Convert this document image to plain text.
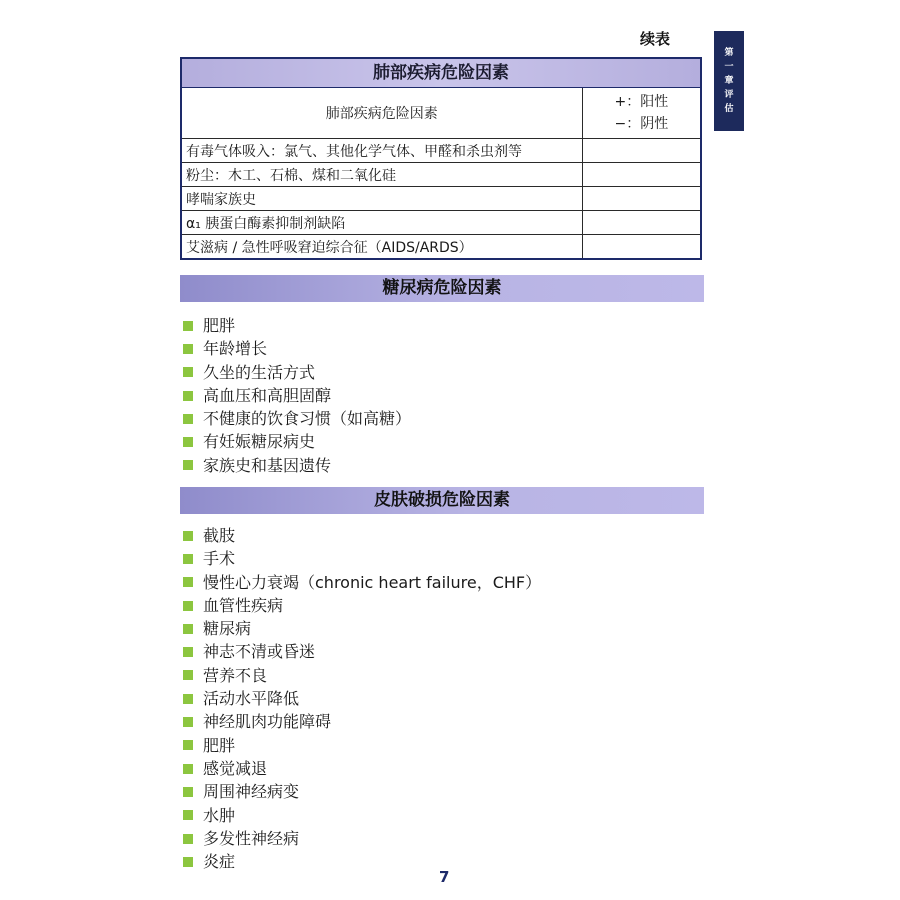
续表
第
一
章
评
估
肺部疾病危险因素
肺部疾病危险因素	+：阳性
−：阴性

有毒气体吸入：氯气、其他化学气体、甲醛和杀虫剂等	
粉尘：木工、石棉、煤和二氧化硅	
哮喘家族史	
α₁ 胰蛋白酶素抑制剂缺陷	
艾滋病 / 急性呼吸窘迫综合征（AIDS/ARDS）	
糖尿病危险因素
肥胖
年龄增长
久坐的生活方式
高血压和高胆固醇
不健康的饮食习惯（如高糖）
有妊娠糖尿病史
家族史和基因遗传
皮肤破损危险因素
截肢
手术
慢性心力衰竭（chronic heart failure，CHF）
血管性疾病
糖尿病
神志不清或昏迷
营养不良
活动水平降低
神经肌肉功能障碍
肥胖
感觉减退
周围神经病变
水肿
多发性神经病
炎症
7
